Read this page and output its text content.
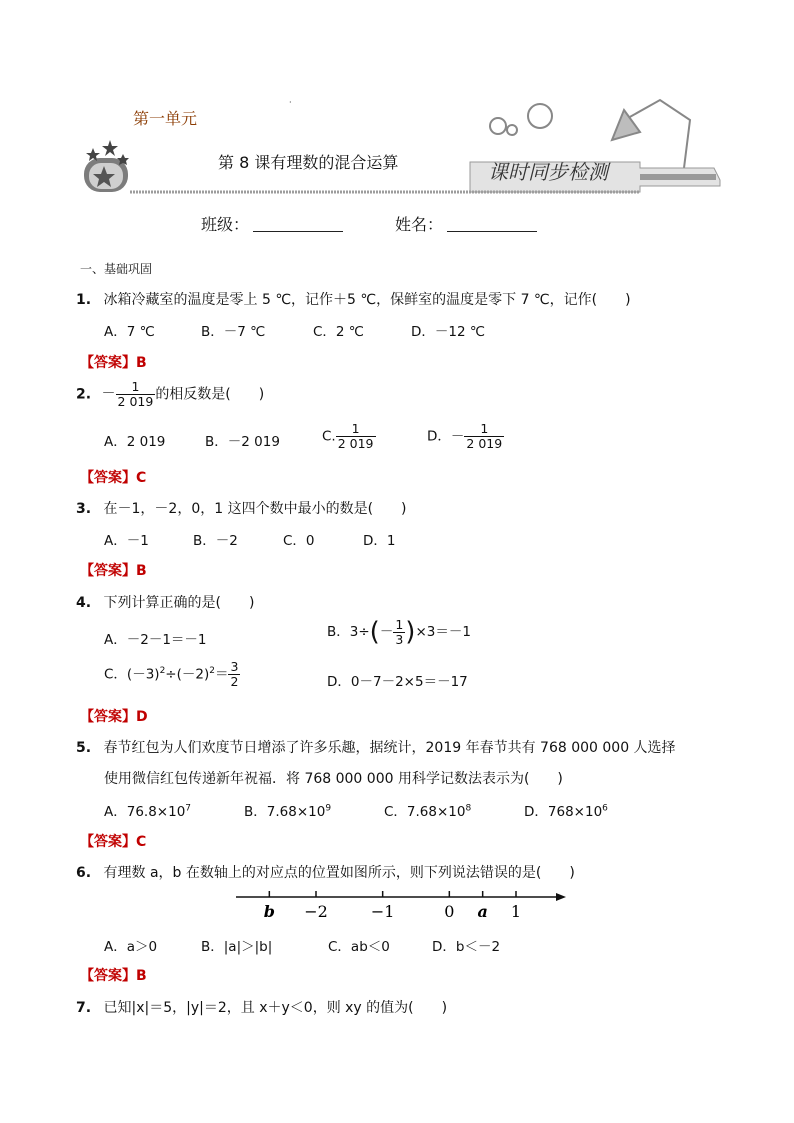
第一单元
第 8 课有理数的混合运算	课时同步检测
·
班级：	姓名：
一、基础巩固
1. 冰箱冷藏室的温度是零上 5 ℃，记作＋5 ℃，保鲜室的温度是零下 7 ℃，记作(　　)
A．7 ℃	B．－7 ℃	C．2 ℃	D．－12 ℃
【答案】B
2. － $\frac{1}{2 019}$ 的相反数是(　　)
A．2 019	B．－2 019	C. $\frac{1}{2 019}$	D．－ $\frac{1}{2 019}$
【答案】C
3. 在－1，－2，0，1 这四个数中最小的数是(　　)
A．－1	B．－2	C．0	D．1
【答案】B
4. 下列计算正确的是(　　)
A．－2－1＝－1	B．$3\div(- \frac{1}{3} )\times 3=-1$
C．$(-3)^2\div(-2)^2= \frac{3}{2}$	D．0－7－2×5＝－17
【答案】D
5. 春节红包为人们欢度节日增添了许多乐趣，据统计，2019 年春节共有 768 000 000 人选择
使用微信红包传递新年祝福．将 768 000 000 用科学记数法表示为(　　)
A．$76.8\times 10^7$	B．$7.68\times 10^9$	C．$7.68\times 10^8$	D．$768\times 10^6$
【答案】C
6. 有理数 a，b 在数轴上的对应点的位置如图所示，则下列说法错误的是(　　)
b −2	−1	0 a 1
A．a＞0	B．|a|＞|b|	C．ab＜0	D．b＜－2
【答案】B
7. 已知|x|＝5，|y|＝2，且 x＋y＜0，则 xy 的值为(　　)
